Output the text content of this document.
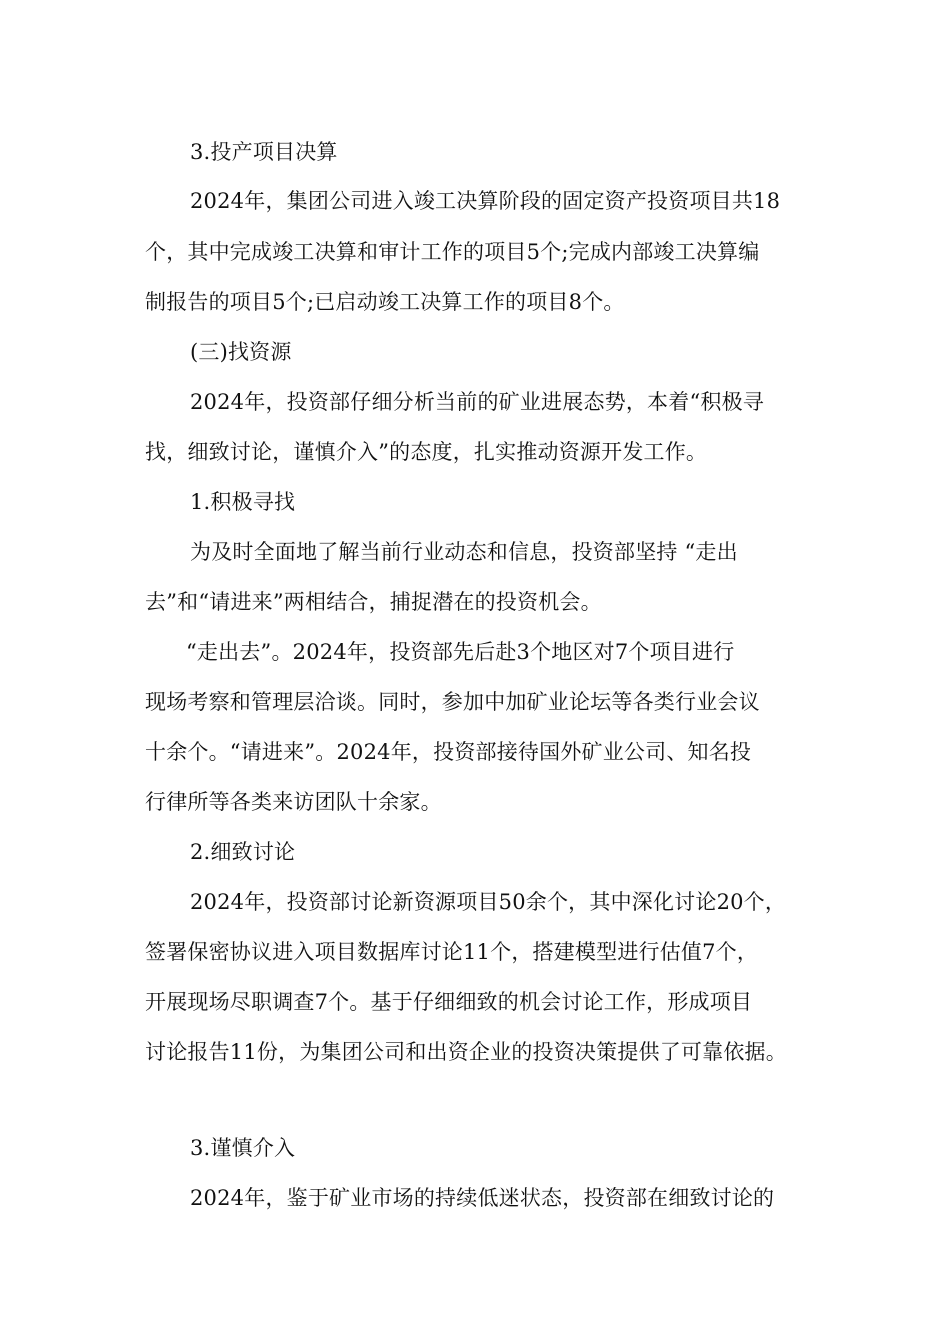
3.投产项目决算
2024年，集团公司进入竣工决算阶段的固定资产投资项目共18
个，其中完成竣工决算和审计工作的项目5个;完成内部竣工决算编
制报告的项目5个;已启动竣工决算工作的项目8个。
(三)找资源
2024年，投资部仔细分析当前的矿业进展态势，本着“积极寻
找，细致讨论，谨慎介入”的态度，扎实推动资源开发工作。
1.积极寻找
为及时全面地了解当前行业动态和信息，投资部坚持 “走出
去”和“请进来”两相结合，捕捉潜在的投资机会。
“走出去”。2024年，投资部先后赴3个地区对7个项目进行
现场考察和管理层洽谈。同时，参加中加矿业论坛等各类行业会议
十余个。“请进来”。2024年，投资部接待国外矿业公司、知名投
行律所等各类来访团队十余家。
2.细致讨论
2024年，投资部讨论新资源项目50余个，其中深化讨论20个，
签署保密协议进入项目数据库讨论11个，搭建模型进行估值7个，
开展现场尽职调查7个。基于仔细细致的机会讨论工作，形成项目
讨论报告11份，为集团公司和出资企业的投资决策提供了可靠依据。
3.谨慎介入
2024年，鉴于矿业市场的持续低迷状态，投资部在细致讨论的
